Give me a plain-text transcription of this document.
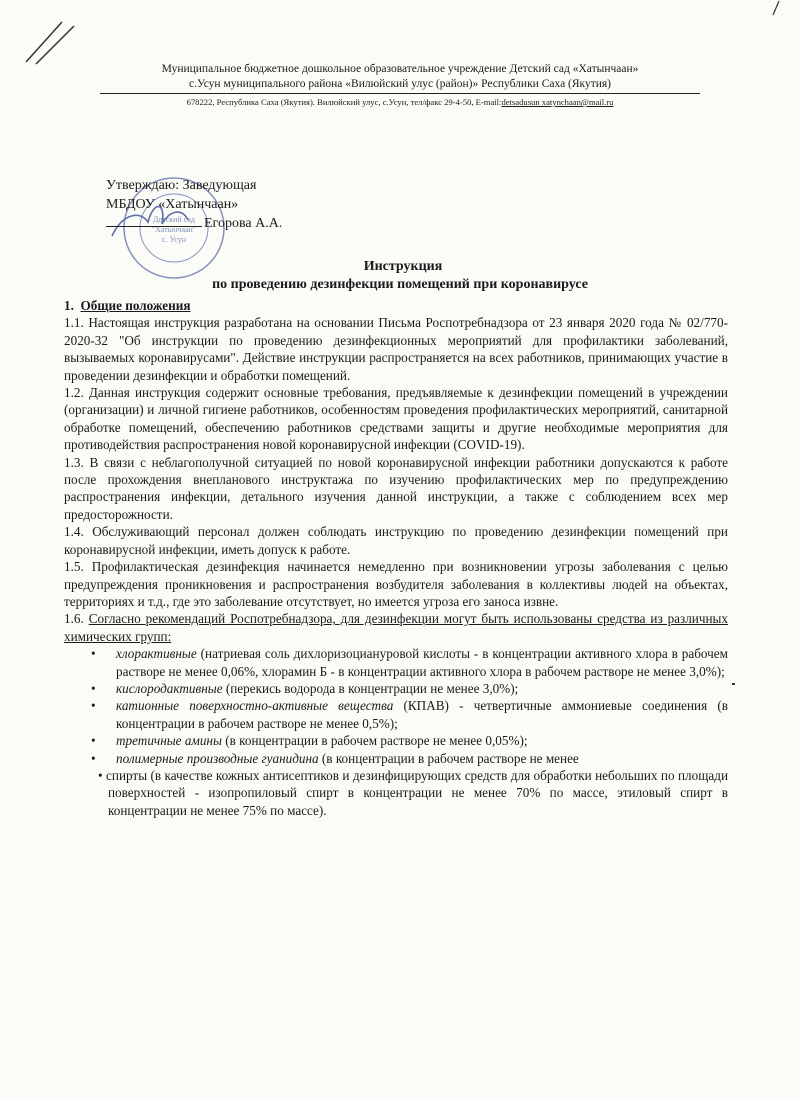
Муниципальное бюджетное дошкольное образовательное учреждение Детский сад «Хатынчаан»
с.Усун муниципального района «Вилюйский улус (район)» Республики Саха (Якутия)
678222, Республика Саха (Якутия). Вилюйский улус, с.Усун, тел/факс 29-4-50, E-mail:detsadusun xatynchaan@mail.ru
Детский сад
"Хатынчаан"
с. Усун
Утверждаю: Заведующая
МБДОУ «Хатынчаан»
Егорова А.А.
Инструкция
по проведению дезинфекции помещений при коронавирусе
1. Общие положения
1.1. Настоящая инструкция разработана на основании Письма Роспотребнадзора от 23 января 2020 года № 02/770-2020-32 "Об инструкции по проведению дезинфекционных мероприятий для профилактики заболеваний, вызываемых коронавирусами". Действие инструкции распространяется на всех работников, принимающих участие в проведении дезинфекции и обработки помещений.
1.2. Данная инструкция содержит основные требования, предъявляемые к дезинфекции помещений в учреждении (организации) и личной гигиене работников, особенностям проведения профилактических мероприятий, санитарной обработке помещений, обеспечению работников средствами защиты и другие необходимые мероприятия для противодействия распространения новой коронавирусной инфекции (COVID-19).
1.3. В связи с неблагополучной ситуацией по новой коронавирусной инфекции работники допускаются к работе после прохождения внепланового инструктажа по изучению профилактических мер по предупреждению распространения инфекции, детального изучения данной инструкции, а также с соблюдением всех мер предосторожности.
1.4. Обслуживающий персонал должен соблюдать инструкцию по проведению дезинфекции помещений при коронавирусной инфекции, иметь допуск к работе.
1.5. Профилактическая дезинфекция начинается немедленно при возникновении угрозы заболевания с целью предупреждения проникновения и распространения возбудителя заболевания в коллективы людей на объектах, территориях и т.д., где это заболевание отсутствует, но имеется угроза его заноса извне.
1.6. Согласно рекомендаций Роспотребнадзора, для дезинфекции могут быть использованы средства из различных химических групп:
• хлорактивные (натриевая соль дихлоризоциануровой кислоты - в концентрации активного хлора в рабочем растворе не менее 0,06%, хлорамин Б - в концентрации активного хлора в рабочем растворе не менее 3,0%);
• кислородактивные (перекись водорода в концентрации не менее 3,0%);
• катионные поверхностно-активные вещества (КПАВ) - четвертичные аммониевые соединения (в концентрации в рабочем растворе не менее 0,5%);
• третичные амины (в концентрации в рабочем растворе не менее 0,05%);
• полимерные производные гуанидина (в концентрации в рабочем растворе не менее
• спирты (в качестве кожных антисептиков и дезинфицирующих средств для обработки небольших по площади поверхностей - изопропиловый спирт в концентрации не менее 70% по массе, этиловый спирт в концентрации не менее 75% по массе).
